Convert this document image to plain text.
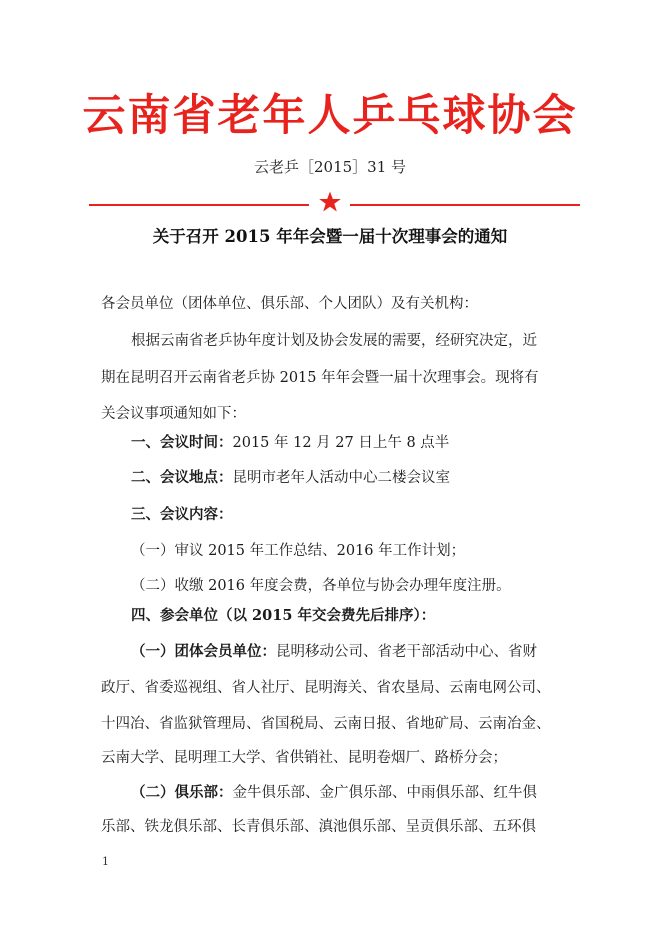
云南省老年人乒乓球协会
云老乒［2015］31 号
关于召开 2015 年年会暨一届十次理事会的通知
各会员单位（团体单位、俱乐部、个人团队）及有关机构：
根据云南省老乒协年度计划及协会发展的需要，经研究决定，近
期在昆明召开云南省老乒协 2015 年年会暨一届十次理事会。现将有
关会议事项通知如下：
一、会议时间：2015 年 12 月 27 日上午 8 点半
二、会议地点：昆明市老年人活动中心二楼会议室
三、会议内容：
（一）审议 2015 年工作总结、2016 年工作计划；
（二）收缴 2016 年度会费，各单位与协会办理年度注册。
四、参会单位（以 2015 年交会费先后排序）：
（一）团体会员单位：昆明移动公司、省老干部活动中心、省财
政厅、省委巡视组、省人社厅、昆明海关、省农垦局、云南电网公司、
十四冶、省监狱管理局、省国税局、云南日报、省地矿局、云南冶金、
云南大学、昆明理工大学、省供销社、昆明卷烟厂、路桥分会；
（二）俱乐部：金牛俱乐部、金广俱乐部、中雨俱乐部、红牛俱
乐部、铁龙俱乐部、长青俱乐部、滇池俱乐部、呈贡俱乐部、五环俱
1
